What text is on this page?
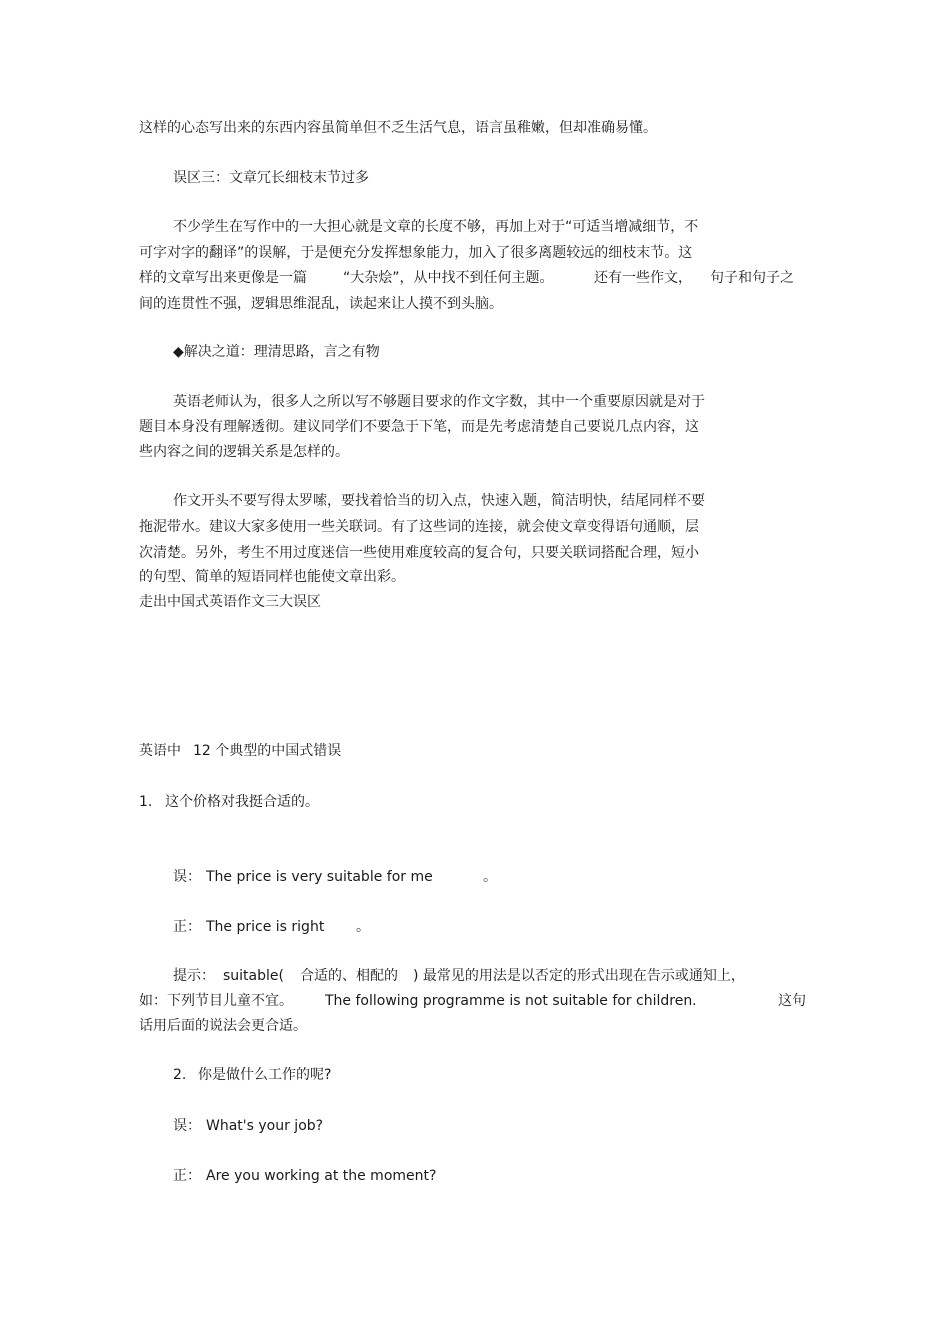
这样的心态写出来的东西内容虽简单但不乏生活气息，语言虽稚嫩，但却准确易懂。
误区三：文章冗长细枝末节过多
不少学生在写作中的一大担心就是文章的长度不够，再加上对于“可适当增减细节，不
可字对字的翻译”的误解，于是便充分发挥想象能力，加入了很多离题较远的细枝末节。这
样的文章写出来更像是一篇	“大杂烩”，从中找不到任何主题。	还有一些作文， 句子和句子之
间的连贯性不强，逻辑思维混乱，读起来让人摸不到头脑。
◆解决之道：理清思路，言之有物
英语老师认为，很多人之所以写不够题目要求的作文字数，其中一个重要原因就是对于
题目本身没有理解透彻。建议同学们不要急于下笔，而是先考虑清楚自己要说几点内容，这
些内容之间的逻辑关系是怎样的。
作文开头不要写得太罗嗦，要找着恰当的切入点，快速入题，简洁明快，结尾同样不要
拖泥带水。建议大家多使用一些关联词。有了这些词的连接，就会使文章变得语句通顺，层
次清楚。另外，考生不用过度迷信一些使用难度较高的复合句，只要关联词搭配合理，短小
的句型、简单的短语同样也能使文章出彩。
走出中国式英语作文三大误区
英语中 12 个典型的中国式错误
1. 这个价格对我挺合适的。
误： The price is very suitable for me	。
正： The price is right 。
提示： suitable( 合适的、相配的 ) 最常见的用法是以否定的形式出现在告示或通知上，
如：下列节目儿童不宜。 The following programme is not suitable for children.	这句
话用后面的说法会更合适。
2. 你是做什么工作的呢?
误： What's your job?
正： Are you working at the moment?
